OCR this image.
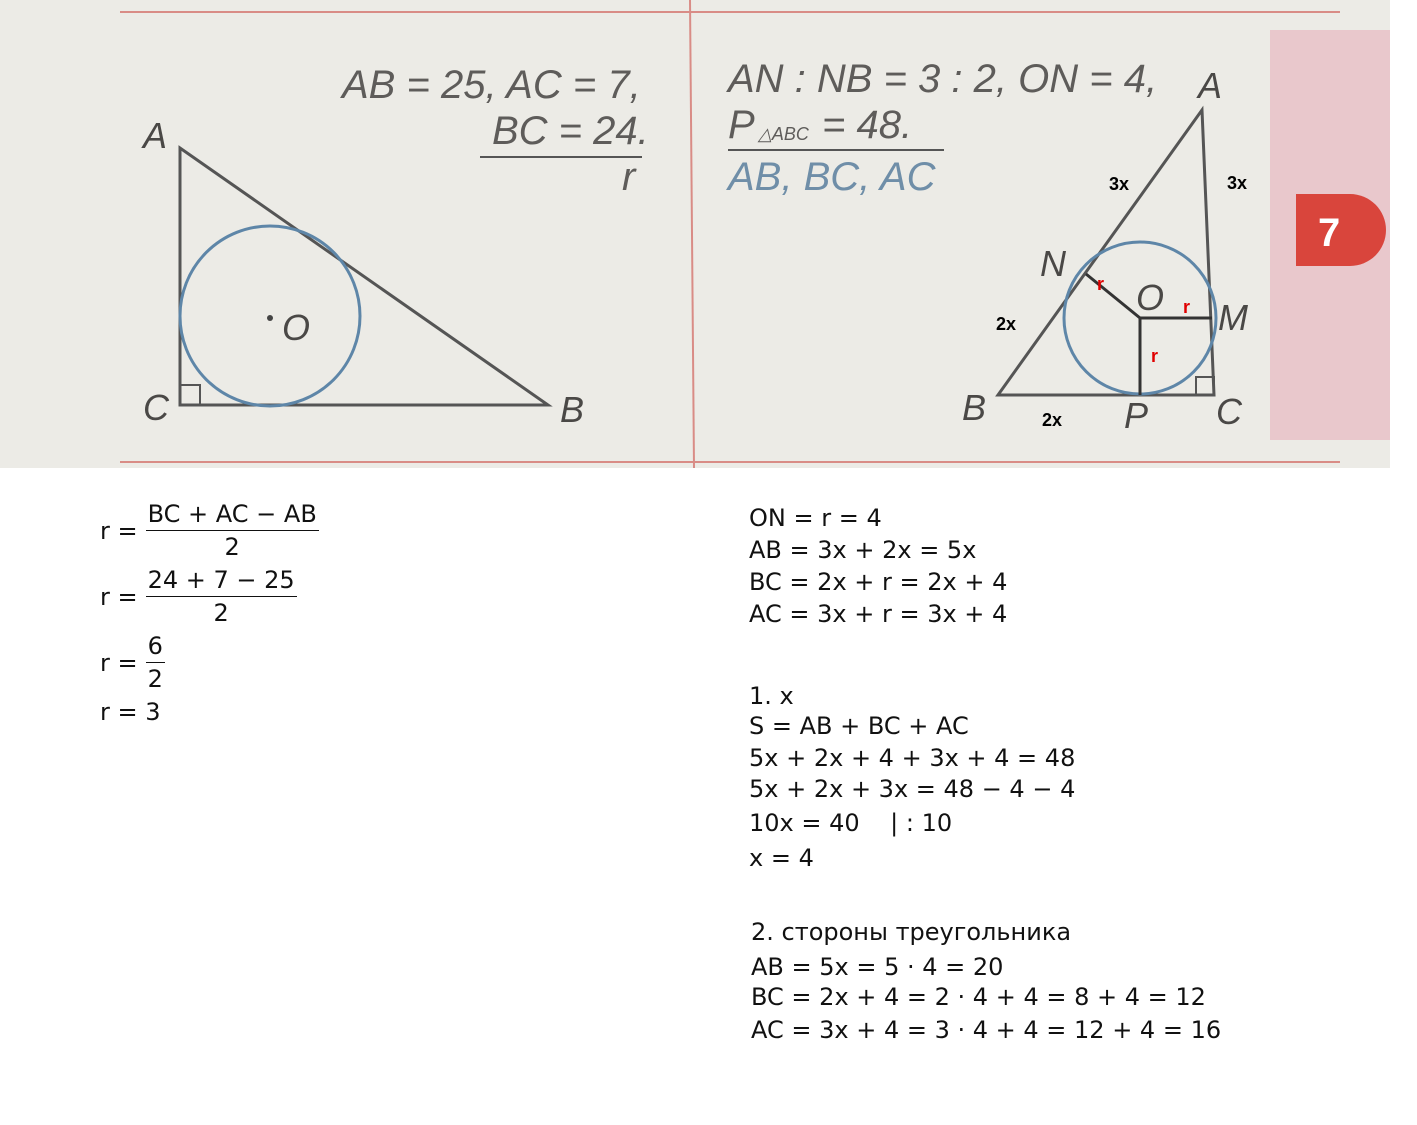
AB = 25, AC = 7,
BC = 24.
r
A
C	B
O
AN : NB = 3 : 2, ON = 4,
P △ABC = 48.
AB, BC, AC
A
N
O M
B	P C
3x	3x
2x
2x
r
r
r
7
$r = \frac{BC + AC - AB}{2}$
$r = \frac{24 + 7 - 25}{2}$
$r = \frac{6}{2}$
r = 3
ON = r = 4
AB = 3x + 2x = 5x
BC = 2x + r = 2x + 4
AC = 3x + r = 3x + 4
1. x
S = AB + BC + AC
5x + 2x + 4 + 3x + 4 = 48
5x + 2x + 3x = 48 − 4 − 4
10x = 40    | : 10
x = 4
2. стороны треугольника
AB = 5x = 5 · 4 = 20
BC = 2x + 4 = 2 · 4 + 4 = 8 + 4 = 12
AC = 3x + 4 = 3 · 4 + 4 = 12 + 4 = 16
